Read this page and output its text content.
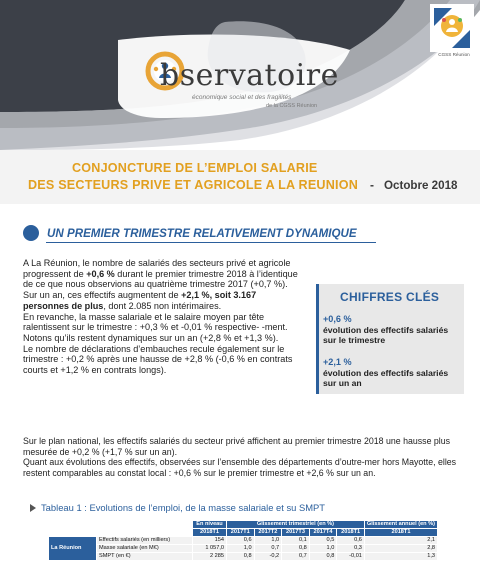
bservatoire
économique social et des fragilités
de la CGSS Réunion
CGSS Réunion
CONJONCTURE DE L’EMPLOI SALARIE
DES SECTEURS PRIVE ET AGRICOLE A LA REUNION - Octobre 2018
UN PREMIER TRIMESTRE RELATIVEMENT DYNAMIQUE

A La Réunion, le nombre de salariés des secteurs privé et agricole progressent de +0,6 % durant le premier trimestre 2018 à l’identique de ce que nous observions au quatrième trimestre 2017 (+0,7 %).

Sur un an, ces effectifs augmentent de +2,1 %, soit 3.167 personnes de plus, dont 2.085 non intérimaires.

En revanche, la masse salariale et le salaire moyen par tête ralentissent sur le trimestre : +0,3 % et -0,01 % respective- -ment. Notons qu’ils restent dynamiques sur un an (+2,8 % et +1,3 %).

Le nombre de déclarations d’embauches recule également sur le trimestre : +0,2 % après une hausse de +2,8 % (-0,6 % en contrats courts et +1,2 % en contrats longs).

CHIFFRES CLÉS
+0,6 %
évolution des effectifs salariés sur le trimestre
+2,1 %
évolution des effectifs salariés sur un an

Sur le plan national, les effectifs salariés du secteur privé affichent au premier trimestre 2018 une hausse plus mesurée de +0,2 % (+1,7 % sur un an).

Quant aux évolutions des effectifs, observées sur l’ensemble des départements d’outre-mer hors Mayotte, elles restent comparables au constat local : +0,6 % sur le premier trimestre et +2,6 % sur un an.

Tableau 1 : Evolutions de l’emploi, de la masse salariale et su SMPT
		En niveau	Glissement trimestriel (en %)					Glissement annuel (en %)
		2018T1	2017T1	2017T2	2017T3	2017T4	2018T1	2018T1
La Réunion	Effectifs salariés (en milliers)	154	0,6	1,0	0,1	0,5	0,6	2,1
	Masse salariale (en M€)	1 057,0	1,0	0,7	0,8	1,0	0,3	2,8
	SMPT (en €)	2 285	0,8	-0,2	0,7	0,8	-0,01	1,3
